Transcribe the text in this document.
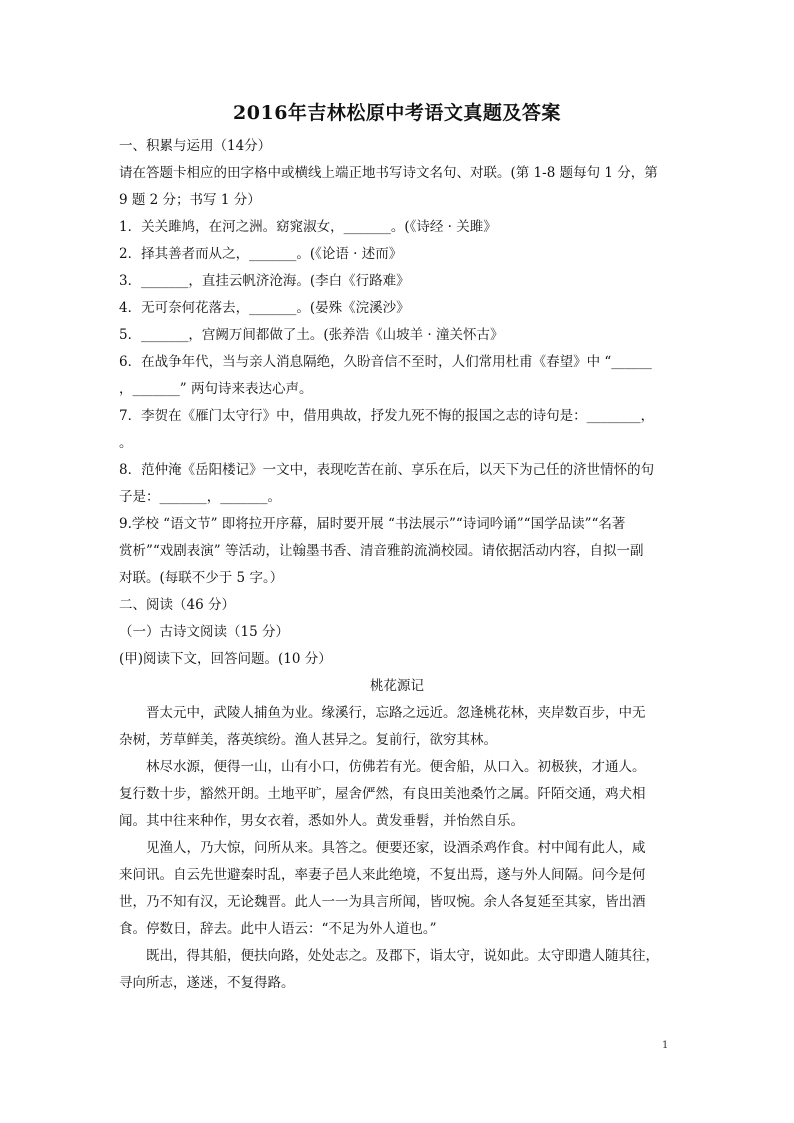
2016年吉林松原中考语文真题及答案
一、积累与运用（14分）
请在答题卡相应的田字格中或横线上端正地书写诗文名句、对联。(第 1-8 题每句 1 分，第
9 题 2 分；书写 1 分）
1．关关雎鸠，在河之洲。窈窕淑女，_______。(《诗经 · 关雎》
2．择其善者而从之，_______。(《论语 · 述而》
3．_______，直挂云帆济沧海。(李白《行路难》
4．无可奈何花落去，_______。(晏殊《浣溪沙》
5．_______，宫阙万间都做了土。(张养浩《山坡羊 · 潼关怀古》
6．在战争年代，当与亲人消息隔绝，久盼音信不至时，人们常用杜甫《春望》中 “______
，_______” 两句诗来表达心声。
7．李贺在《雁门太守行》中，借用典故，抒发九死不悔的报国之志的诗句是：________，
。
8．范仲淹《岳阳楼记》一文中，表现吃苦在前、享乐在后，以天下为己任的济世情怀的句
子是：_______，_______。
9.学校 “语文节” 即将拉开序幕，届时要开展 “书法展示”“诗词吟诵”“国学品读”“名著
赏析”“戏剧表演” 等活动，让翰墨书香、清音雅韵流淌校园。请依据活动内容，自拟一副
对联。(每联不少于 5 字。）
二、阅读（46 分）
（一）古诗文阅读（15 分）
(甲)阅读下文，回答问题。(10 分）
桃花源记
晋太元中，武陵人捕鱼为业。缘溪行，忘路之远近。忽逢桃花林，夹岸数百步，中无
杂树，芳草鲜美，落英缤纷。渔人甚异之。复前行，欲穷其林。
林尽水源，便得一山，山有小口，仿佛若有光。便舍船，从口入。初极狭，才通人。
复行数十步，豁然开朗。土地平旷，屋舍俨然，有良田美池桑竹之属。阡陌交通，鸡犬相
闻。其中往来种作，男女衣着，悉如外人。黄发垂髫，并怡然自乐。
见渔人，乃大惊，问所从来。具答之。便要还家，设酒杀鸡作食。村中闻有此人，咸
来问讯。自云先世避秦时乱，率妻子邑人来此绝境，不复出焉，遂与外人间隔。问今是何
世，乃不知有汉，无论魏晋。此人一一为具言所闻，皆叹惋。余人各复延至其家，皆出酒
食。停数日，辞去。此中人语云：“不足为外人道也。”
既出，得其船，便扶向路，处处志之。及郡下，诣太守，说如此。太守即遣人随其往，
寻向所志，遂迷，不复得路。
1
